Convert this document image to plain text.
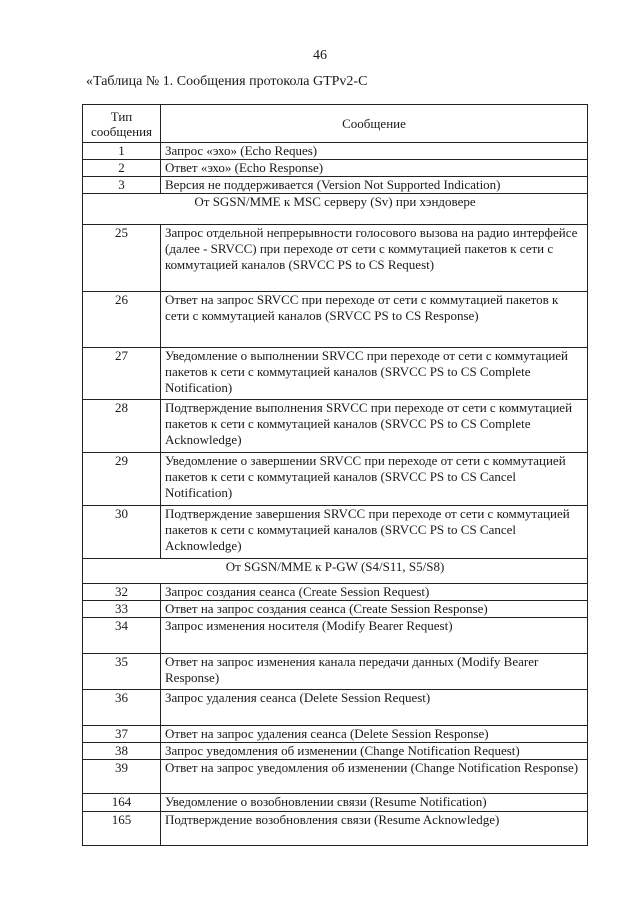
46
«Таблица № 1. Сообщения протокола GTPv2-C
Тип сообщения	Сообщение
1	Запрос «эхо» (Echo Reques)
2	Ответ «эхо» (Echo Response)
3	Версия не поддерживается (Version Not Supported Indication)
От SGSN/MME к MSC серверу (Sv) при хэндовере	
25	Запрос отдельной непрерывности голосового вызова на радио интерфейсе (далее - SRVCC) при переходе от сети с коммутацией пакетов к сети с коммутацией каналов (SRVCC PS to CS Request)
26	Ответ на запрос SRVCC при переходе от сети с коммутацией пакетов к сети с коммутацией каналов (SRVCC PS to CS Response)
27	Уведомление о выполнении SRVCC при переходе от сети с коммутацией пакетов к сети с коммутацией каналов (SRVCC PS to CS Complete Notification)
28	Подтверждение выполнения SRVCC при переходе от сети с коммутацией пакетов к сети с коммутацией каналов (SRVCC PS to CS Complete Acknowledge)
29	Уведомление о завершении SRVCC при переходе от сети с коммутацией пакетов к сети с коммутацией каналов (SRVCC PS to CS Cancel Notification)
30	Подтверждение завершения SRVCC при переходе от сети с коммутацией пакетов к сети с коммутацией каналов (SRVCC PS to CS Cancel Acknowledge)
От SGSN/MME к P-GW (S4/S11, S5/S8)	
32	Запрос создания сеанса (Create Session Request)
33	Ответ на запрос создания сеанса (Create Session Response)
34	Запрос изменения носителя (Modify Bearer Request)
35	Ответ на запрос изменения канала передачи данных (Modify Bearer Response)
36	Запрос удаления сеанса (Delete Session Request)
37	Ответ на запрос удаления сеанса (Delete Session Response)
38	Запрос уведомления об изменении (Change Notification Request)
39	Ответ на запрос уведомления об изменении (Change Notification Response)
164	Уведомление о возобновлении связи (Resume Notification)
165	Подтверждение возобновления связи (Resume Acknowledge)
